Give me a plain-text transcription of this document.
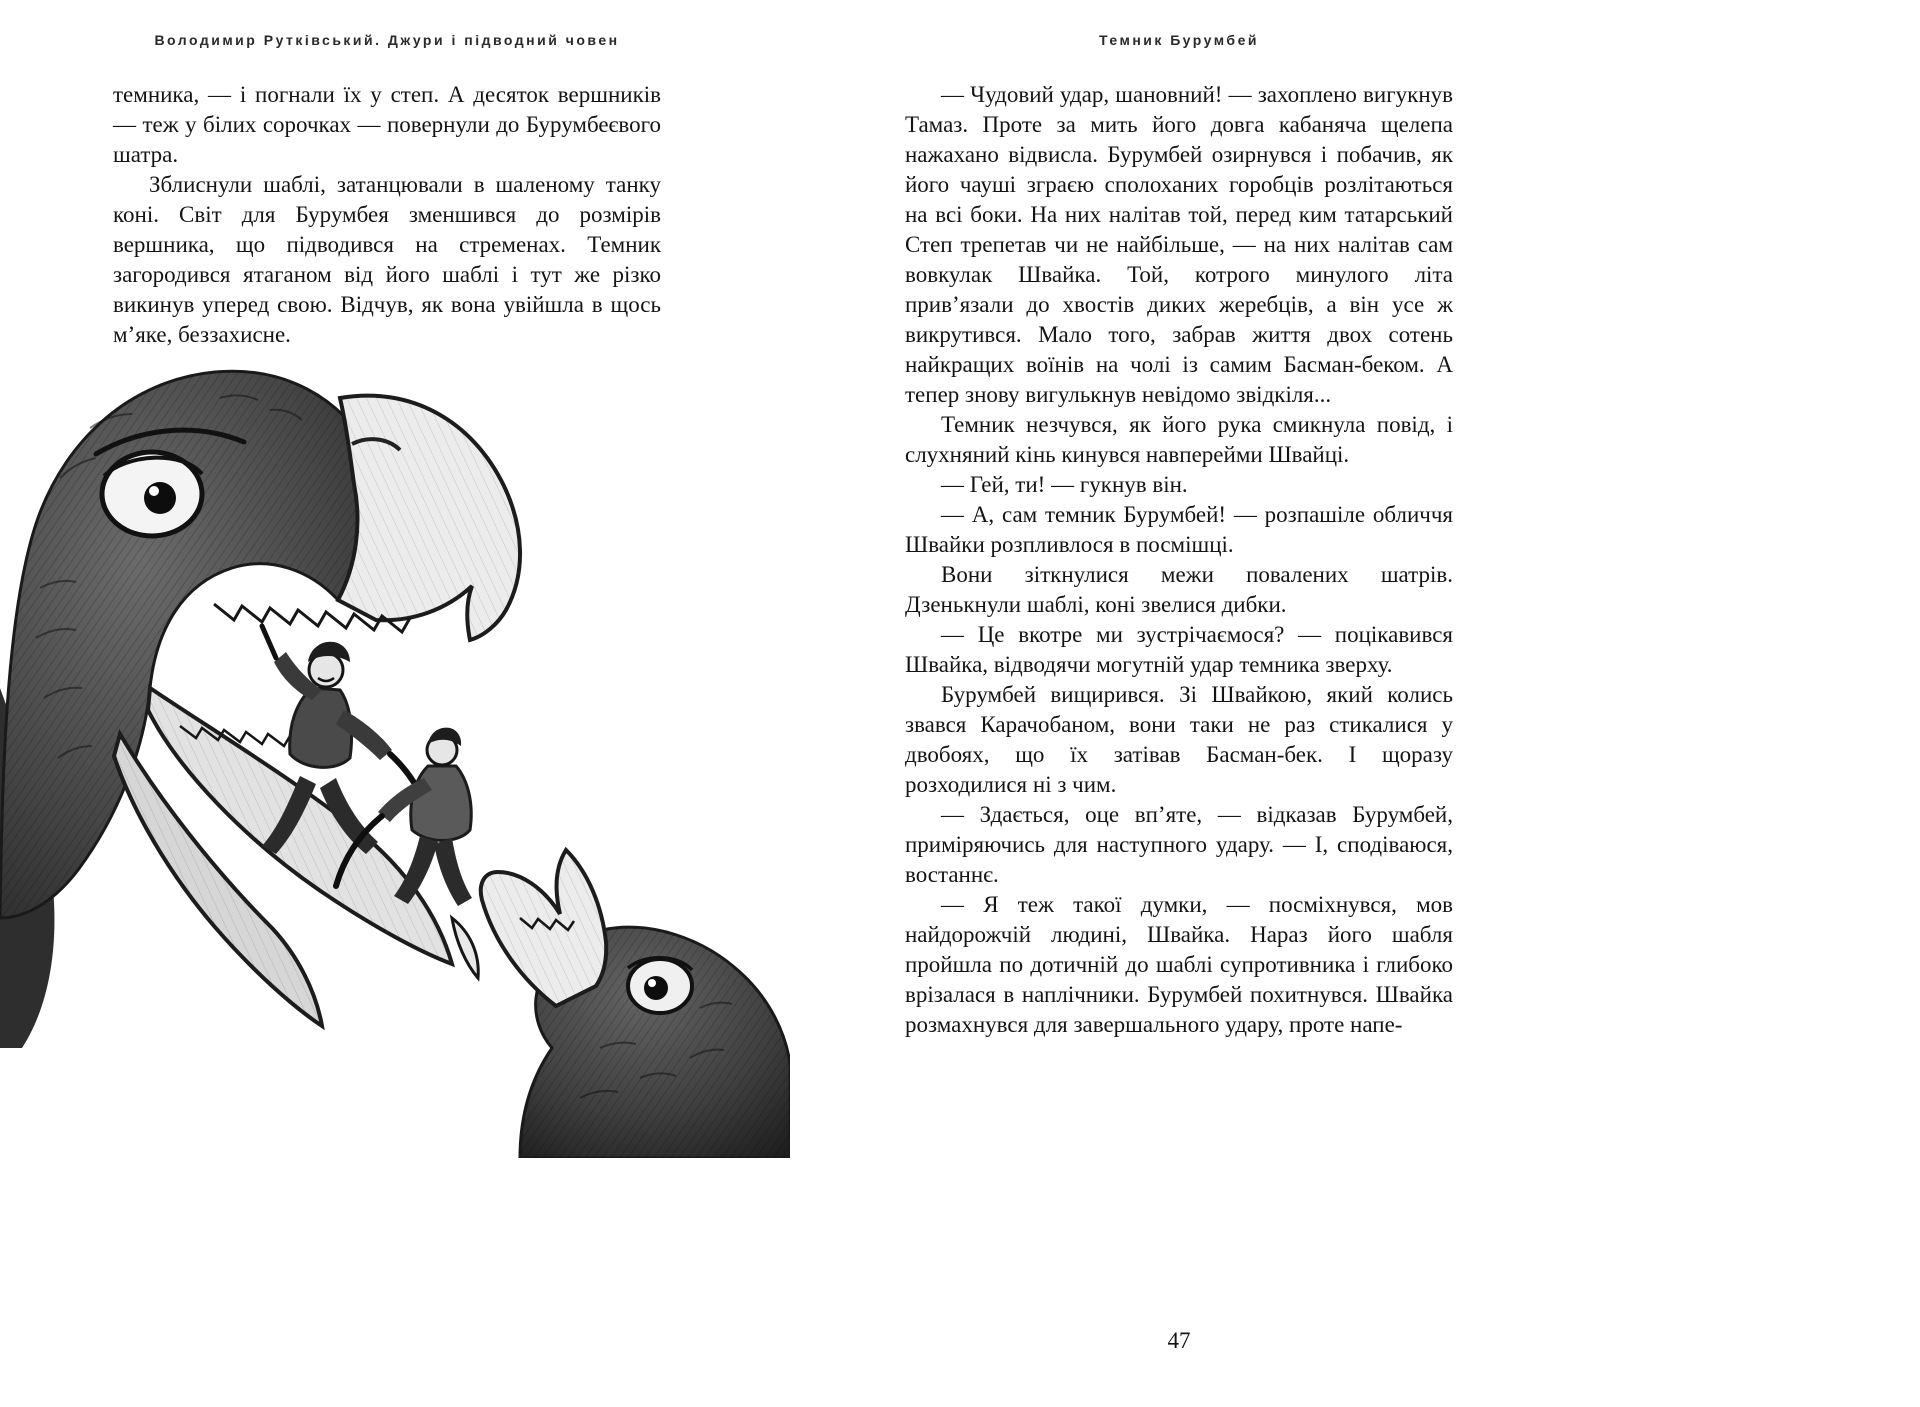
Володимир Рутківський. Джури і підводний човен	Темник Бурумбей

темника, — і погнали їх у степ. А десяток вершників — теж у білих сорочках — повернули до Бурумбеєвого шатра.

Зблиснули шаблі, затанцювали в шаленому танку коні. Світ для Бурумбея зменшився до розмірів вершника, що підводився на стременах. Темник загородився ятаганом від його шаблі і тут же різко викинув уперед свою. Відчув, як вона увійшла в щось м’яке, беззахисне.

— Чудовий удар, шановний! — захоплено вигукнув Тамаз. Проте за мить його довга кабаняча щелепа нажахано відвисла. Бурумбей озирнувся і побачив, як його чауші зграєю сполоханих горобців розлітаються на всі боки. На них налітав той, перед ким татарський Степ трепетав чи не найбільше, — на них налітав сам вовкулак Швайка. Той, котрого минулого літа прив’язали до хвостів диких жеребців, а він усе ж викрутився. Мало того, забрав життя двох сотень найкращих воїнів на чолі із самим Басман-беком. А тепер знову вигулькнув невідомо звідкіля...

Темник незчувся, як його рука смикнула повід, і слухняний кінь кинувся навперейми Швайці.

— Гей, ти! — гукнув він.

— А, сам темник Бурумбей! — розпашіле обличчя Швайки розпливлося в посмішці.

Вони зіткнулися межи повалених шатрів. Дзенькнули шаблі, коні звелися дибки.

— Це вкотре ми зустрічаємося? — поцікавився Швайка, відводячи могутній удар темника зверху.

Бурумбей вищирився. Зі Швайкою, який колись звався Карачобаном, вони таки не раз стикалися у двобоях, що їх затівав Басман-бек. І щоразу розходилися ні з чим.

— Здається, оце вп’яте, — відказав Бурумбей, приміряючись для наступного удару. — І, сподіваюся, востаннє.

— Я теж такої думки, — посміхнувся, мов найдорожчій людині, Швайка. Нараз його шабля пройшла по дотичній до шаблі супротивника і глибоко врізалася в наплічники. Бурумбей похитнувся. Швайка розмахнувся для завершального удару, проте напе-

47
